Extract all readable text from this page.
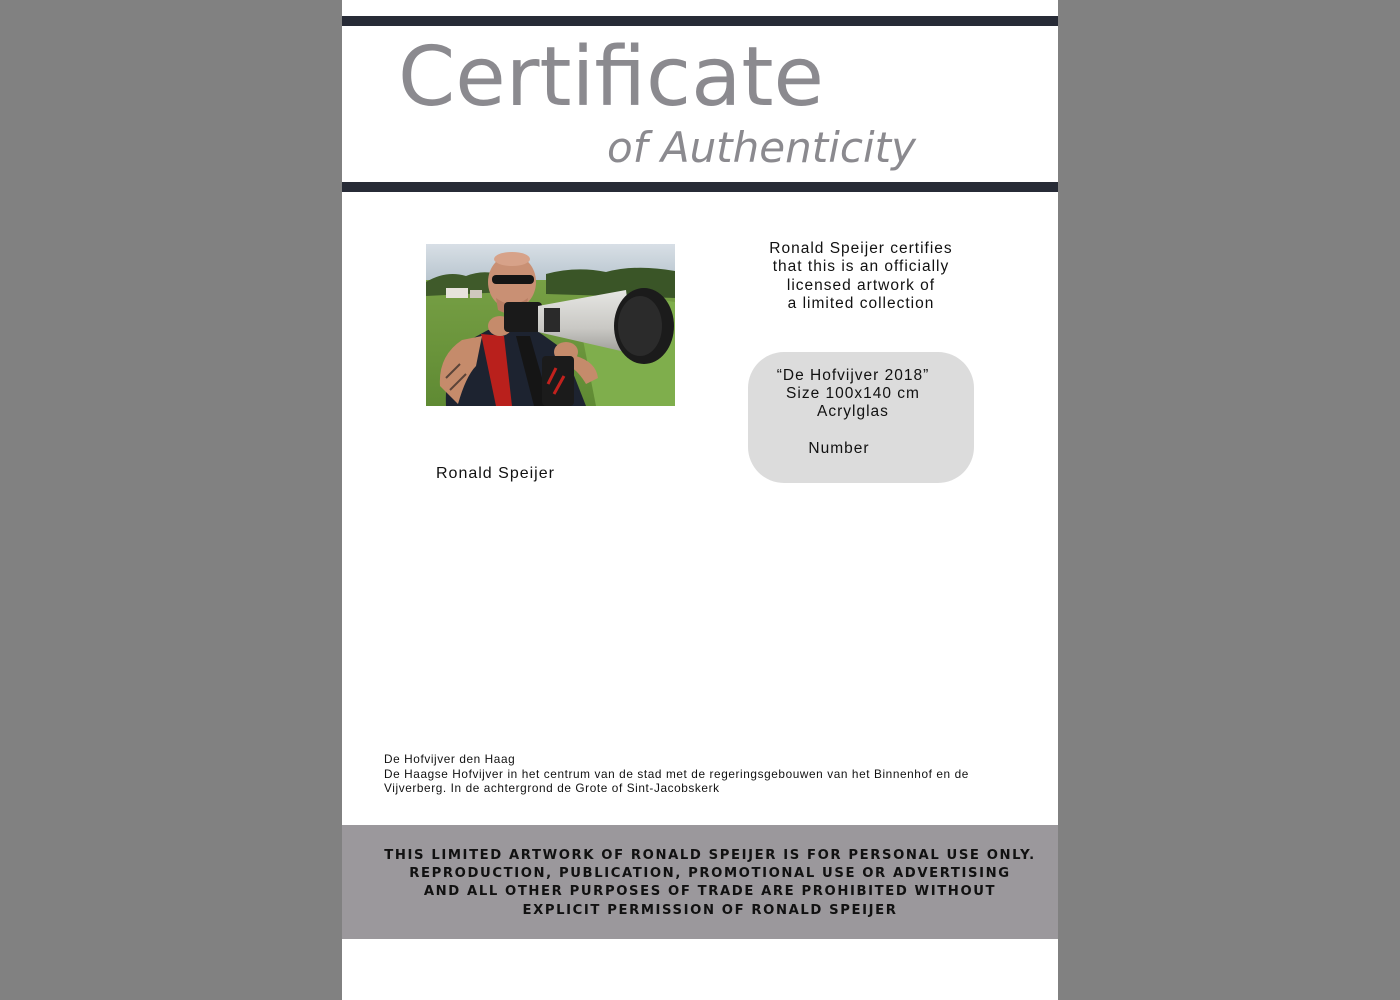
Certificate
of Authenticity
Ronald Speijer
Ronald Speijer certifies
that this is an officially
licensed artwork of
a limited collection
“De Hofvijver 2018”
Size 100x140 cm
Acrylglas
Number
De Hofvijver den Haag
De Haagse Hofvijver in het centrum van de stad met de regeringsgebouwen van het Binnenhof en de
Vijverberg. In de achtergrond de Grote of Sint-Jacobskerk
THIS LIMITED ARTWORK OF RONALD SPEIJER IS FOR PERSONAL USE ONLY.
REPRODUCTION, PUBLICATION, PROMOTIONAL USE OR ADVERTISING
AND ALL OTHER PURPOSES OF TRADE ARE PROHIBITED WITHOUT
EXPLICIT PERMISSION OF RONALD SPEIJER
